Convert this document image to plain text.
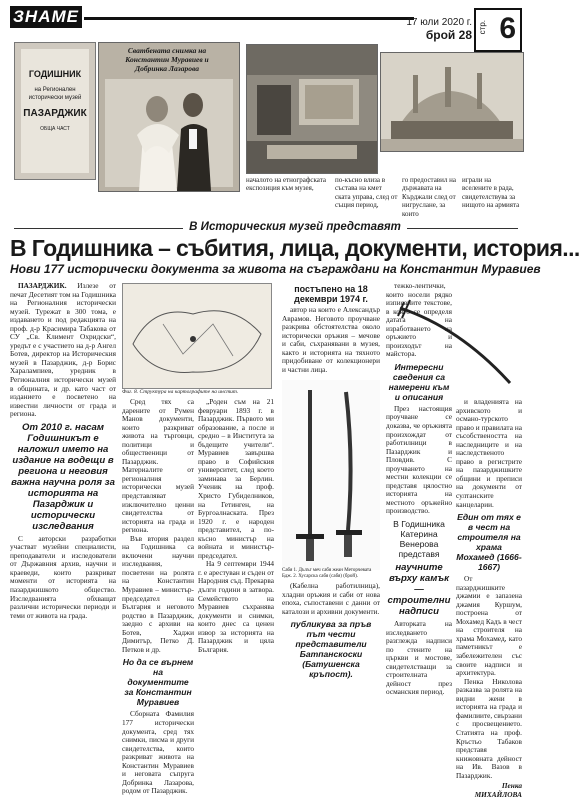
ЗНАМЕ	17 юли 2020 г.
брой 28
стр. 6
ГОДИШНИК
на Регионален исторически музей
ПАЗАРДЖИК
ОБЩА ЧАСТ
Сватбената снимка на Константин Муравиев и Добринка Лазарова
началото на етнографската експозиция към музея,
по-късно влиза в състава на кмет ската управа, след от същия период,
го предоставил на държавата на Кърджали след от нигруслане, за които
играли на вселените в рада, свидетелствува за нищото на армията
В Историческия музей представят
В Годишника – събития, лица, документи, история...
Нови 177 исторически документа за живота на съграждани на Константин Муравиев

ПАЗАРДЖИК. Излезе от печат Десетият том на Годишника на Регионалния исторически музей. Турежат в 300 тома, е издаването и под редакцията на проф. д-р Красимира Табакова от СУ „Св. Климент Охридски“, уредът е с участието на д-р Ангел Ботев, директор на Историческия музей в Пазарджик, д-р Борис Харалампиев, уредник в Регионалния исторически музей в общината, и др. като част от изданието е посветено на известни личности от града и региона.

От 2010 г. насам Годишникът е наложил името на издание на водещи в региона и неговия важна научна роля за историята на Пазарджик и исторически изследвания

С авторски разработки участват музейни специалисти, преподаватели и изследователи от Държавния архив, научни и краеведи, които разкриват моменти от историята на пазарджишкото общество. Изследванията обхващат различни исторически периоди и теми от живота на града.

Фиг. 8. Структура на картографите на инстит.

Сред тях са дарените от Румен Манов документи, които разкриват живота на търговци, политици и общественици от Пазарджик. Материалите от регионалния исторически музей представляват изключително ценни свидетелства от историята на града и региона.

Във втория раздел на Годишника са включени научни изследвания, посветени на ролята на Константин Муравиев – министър-председател на България и неговото родство в Пазарджик, заедно с архиви на Ботев, Хаджи Димитър, Петко Д. Петков и др.

Но да се върнем на документите за Константин Муравиев

Сборната Фамилия 177 исторически документа, сред тях снимки, писма и други свидетелства, които разкриват живота на Константин Муравиев и неговата съпруга Добринка Лазарова, родом от Пазарджик.

„Роден съм на 21 февруари 1893 г. в Пазарджик. Първото ми образование, а после и средно – в Института за бъдещите учители“. Муравиев завършва право в Софийския университет, след което заминава за Берлин. Ученик на проф. Христо Губиделников, на Гетинген, на Бургоалнаската. През 1920 г. е народен представител, а по-късно министър на войната и министър-председател.

На 9 септември 1944 г. е арестуван и съден от Народния съд. Прекарва дълги години в затвора. Семейството на Муравиев съхранява документи и снимки, които днес са ценен извор за историята на Пазарджик и цяла България.

постъпено на 18 декември 1974 г.

автор на които е Александър Аврамов. Неговото проучване разкрива обстоятелства около исторически оръжия – мечове и саби, съхранявани в музея, както и историята на тяхното придобиване от колекционери и частни лица.

Сабя 1. Дълъг меч сабя жеан Меторчевата Бдж. 2. Хусарска сабя (сабя) (брой).

(Кабелна работилница), хладни оръжия и саби от нова епоха, съпоставени с данни от каталози и архивни документи.

публикува за пръв път чести представители Батпанскоски (Батушенска кръпост).

тежко-лентички, които носели рядко изписаните текстове, в която се определя датата на изработването на оръжието и произходът на майстора.

Интересни сведения са намерени към и описания

През настоящия проучване се доказва, че оръжията произхождат от работилници в Пазарджик и Пловдив. С проучването на местни колекции се представя цялостно историята на местното оръжейно производство.

В Годишника Катерина Венерова представя
научните върху камък — строителни надписи

Авторката на изследването разглежда надписи по стените на църкви и мостове, свидетелстващи за строителната дейност през османския период.

и владенията на архивското и османо-турското право и правилата на съсобствеността на наследниците и на наследственото право в регистрите на пазарджишките общини и преписи на документи от султанските канцеларии.

Един от тях е в чест на строителя на храма Мохамед (1666-1667)

От пазарджишките джамии е запазена джамия Куршум, построена от Мохамед Кадъ в чест на строителя на храма Мохамед, като паметникът е забележителен със своите надписи и архитектура.

Пенка Николова разказва за ролята на видни жени в историята на града и фамилиите, свързани с просвещението. Статията на проф. Кръстьо Табаков представя книжовната дейност на Ив. Вазов в Пазарджик.

Пенка МИХАЙЛОВА
